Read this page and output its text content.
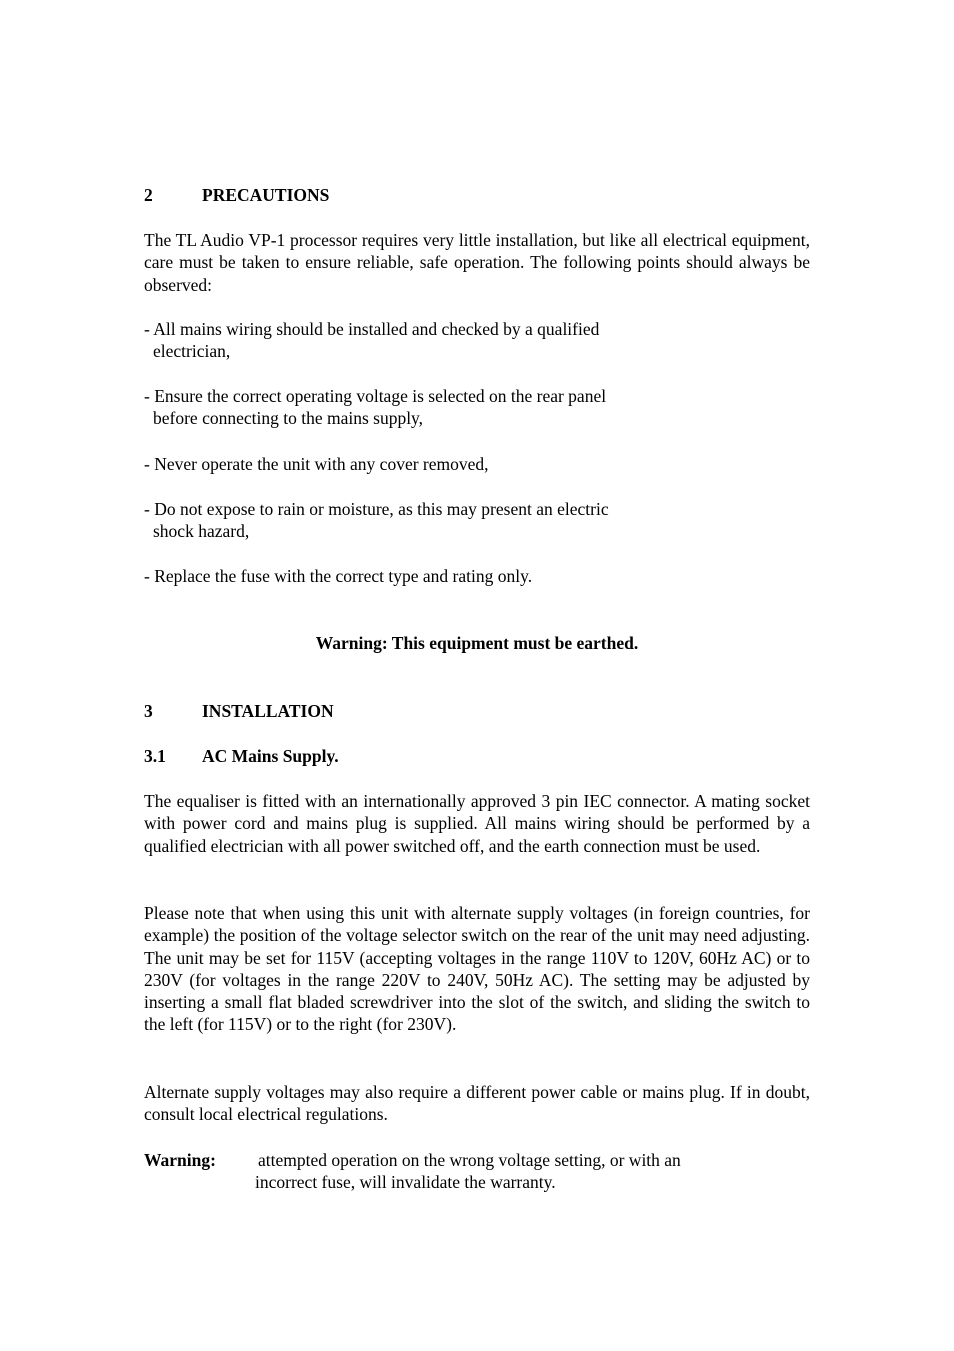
2	PRECAUTIONS

The TL Audio VP-1 processor requires very little installation, but like all electrical equipment, care must be taken to ensure reliable, safe operation. The following points should always be observed:

- All mains wiring should be installed and checked by a qualified
electrician,
- Ensure the correct operating voltage is selected on the rear panel
before connecting to the mains supply,
- Never operate the unit with any cover removed,
- Do not expose to rain or moisture, as this may present an electric
shock hazard,
- Replace the fuse with the correct type and rating only.
Warning: This equipment must be earthed.
3	INSTALLATION
3.1 AC Mains Supply.

The equaliser is fitted with an internationally approved 3 pin IEC connector. A mating socket with power cord and mains plug is supplied. All mains wiring should be performed by a qualified electrician with all power switched off, and the earth connection must be used.

Please note that when using this unit with alternate supply voltages (in foreign countries, for example) the position of the voltage selector switch on the rear of the unit may need adjusting. The unit may be set for 115V (accepting voltages in the range 110V to 120V, 60Hz AC) or to 230V (for voltages in the range 220V to 240V, 50Hz AC). The setting may be adjusted by inserting a small flat bladed screwdriver into the slot of the switch, and sliding the switch to the left (for 115V) or to the right (for 230V).

Alternate supply voltages may also require a different power cable or mains plug. If in doubt, consult local electrical regulations.

Warning: attempted operation on the wrong voltage setting, or with an
incorrect fuse, will invalidate the warranty.
